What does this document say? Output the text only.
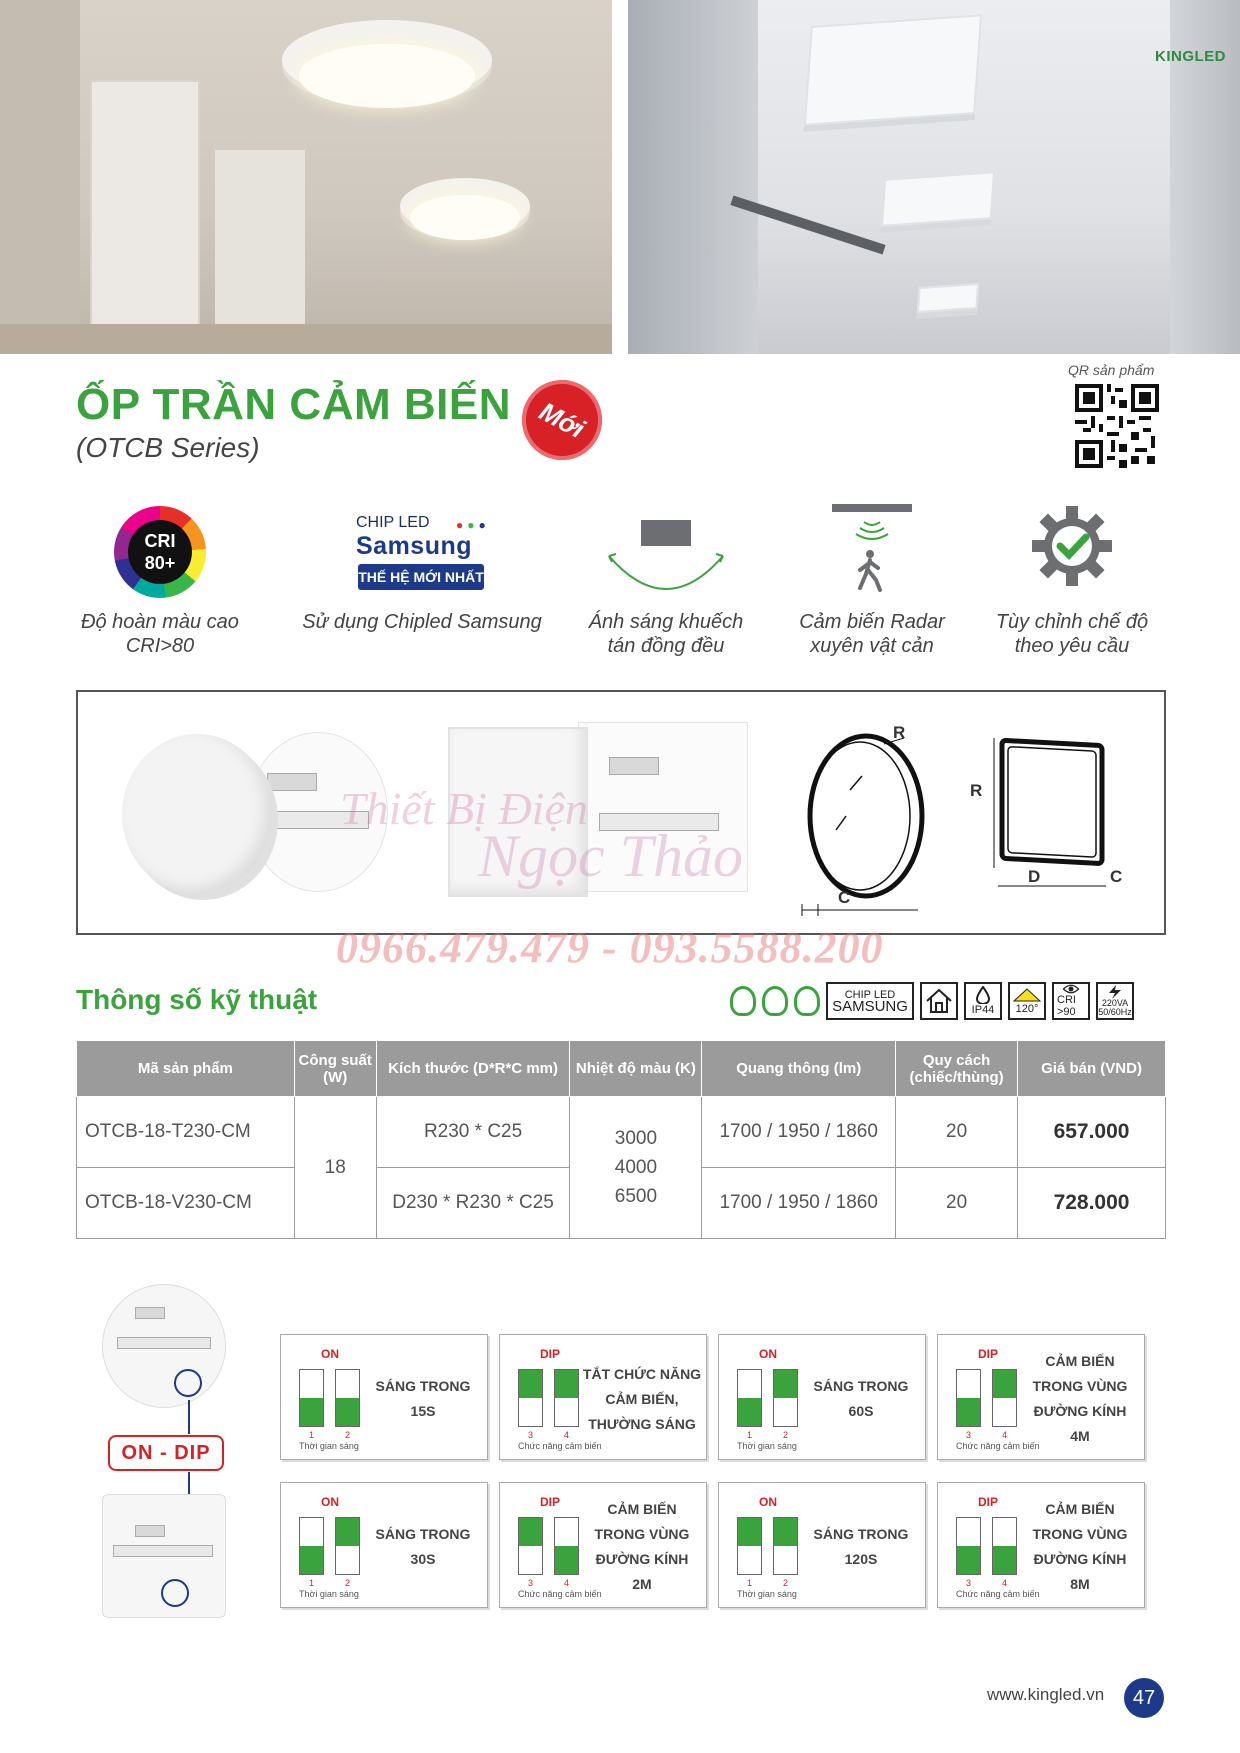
KINGLED
ỐP TRẦN CẢM BIẾN
(OTCB Series)
Mới
QR sản phẩm
CRI
80+
Độ hoàn màu cao
CRI>80
CHIP LED ●●●
Samsung
THẾ HỆ MỚI NHẤT
Sử dụng Chipled Samsung	Ánh sáng khuếch
tán đồng đều
Cảm biến Radar
xuyên vật cản
Tùy chỉnh chế độ
theo yêu cầu
R
C
R
D	C
Thiết Bị Điện
Ngọc Thảo
0966.479.479 - 093.5588.200
Thông số kỹ thuật	CHIP LED
SAMSUNG	IP44 120°
CRI >90
220VA
50/60Hz
Mã sản phẩm	Công suất (W)	Kích thước (D*R*C mm)	Nhiệt độ màu (K)	Quang thông (lm)	Quy cách (chiếc/thùng)	Giá bán (VND)
OTCB-18-T230-CM	18	R230 * C25	3000
4000
6500	1700 / 1950 / 1860	20	657.000
OTCB-18-V230-CM		D230 * R230 * C25		1700 / 1950 / 1860	20	728.000
ON - DIP
ON
1	2
Thời gian sáng
SÁNG TRONG
15S
DIP
3	4
Chức năng cảm biến
TẮT CHỨC NĂNG
CẢM BIẾN,
THƯỜNG SÁNG
ON
1	2
Thời gian sáng
SÁNG TRONG
60S
DIP
3	4
Chức năng cảm biến
CẢM BIẾN
TRONG VÙNG
ĐƯỜNG KÍNH
4M
ON
1	2
Thời gian sáng
SÁNG TRONG
30S
DIP
3	4
Chức năng cảm biến
CẢM BIẾN
TRONG VÙNG
ĐƯỜNG KÍNH
2M
ON
1	2
Thời gian sáng
SÁNG TRONG
120S
DIP
3	4
Chức năng cảm biến
CẢM BIẾN
TRONG VÙNG
ĐƯỜNG KÍNH
8M
www.kingled.vn	47
